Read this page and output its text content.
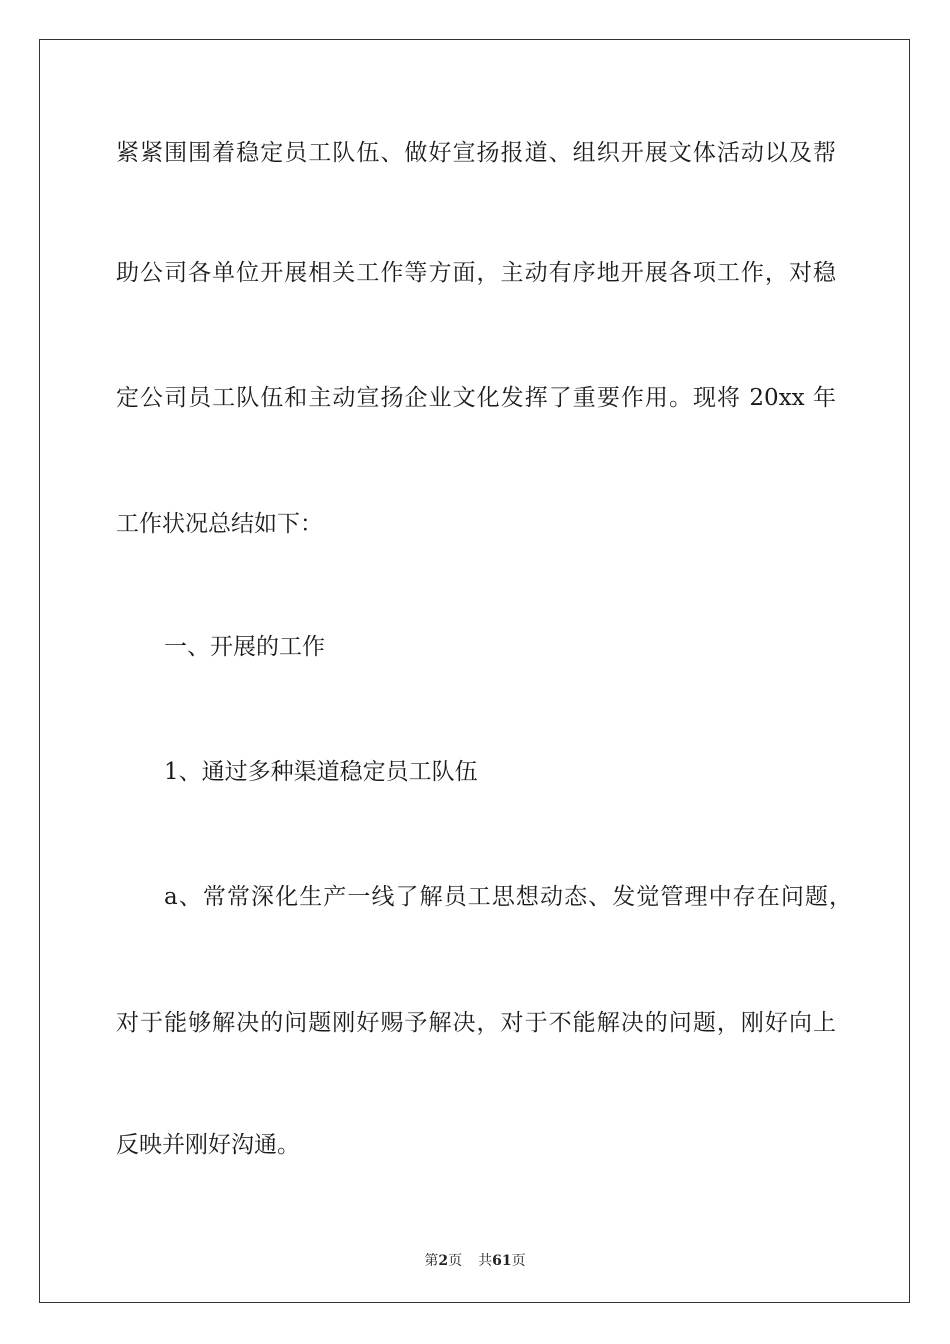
紧紧围围着稳定员工队伍、做好宣扬报道、组织开展文体活动以及帮

助公司各单位开展相关工作等方面，主动有序地开展各项工作，对稳

定公司员工队伍和主动宣扬企业文化发挥了重要作用。现将 20xx 年

工作状况总结如下：

一、开展的工作

1、通过多种渠道稳定员工队伍

a、常常深化生产一线了解员工思想动态、发觉管理中存在问题，

对于能够解决的问题刚好赐予解决，对于不能解决的问题，刚好向上

反映并刚好沟通。

第2页 共61页
